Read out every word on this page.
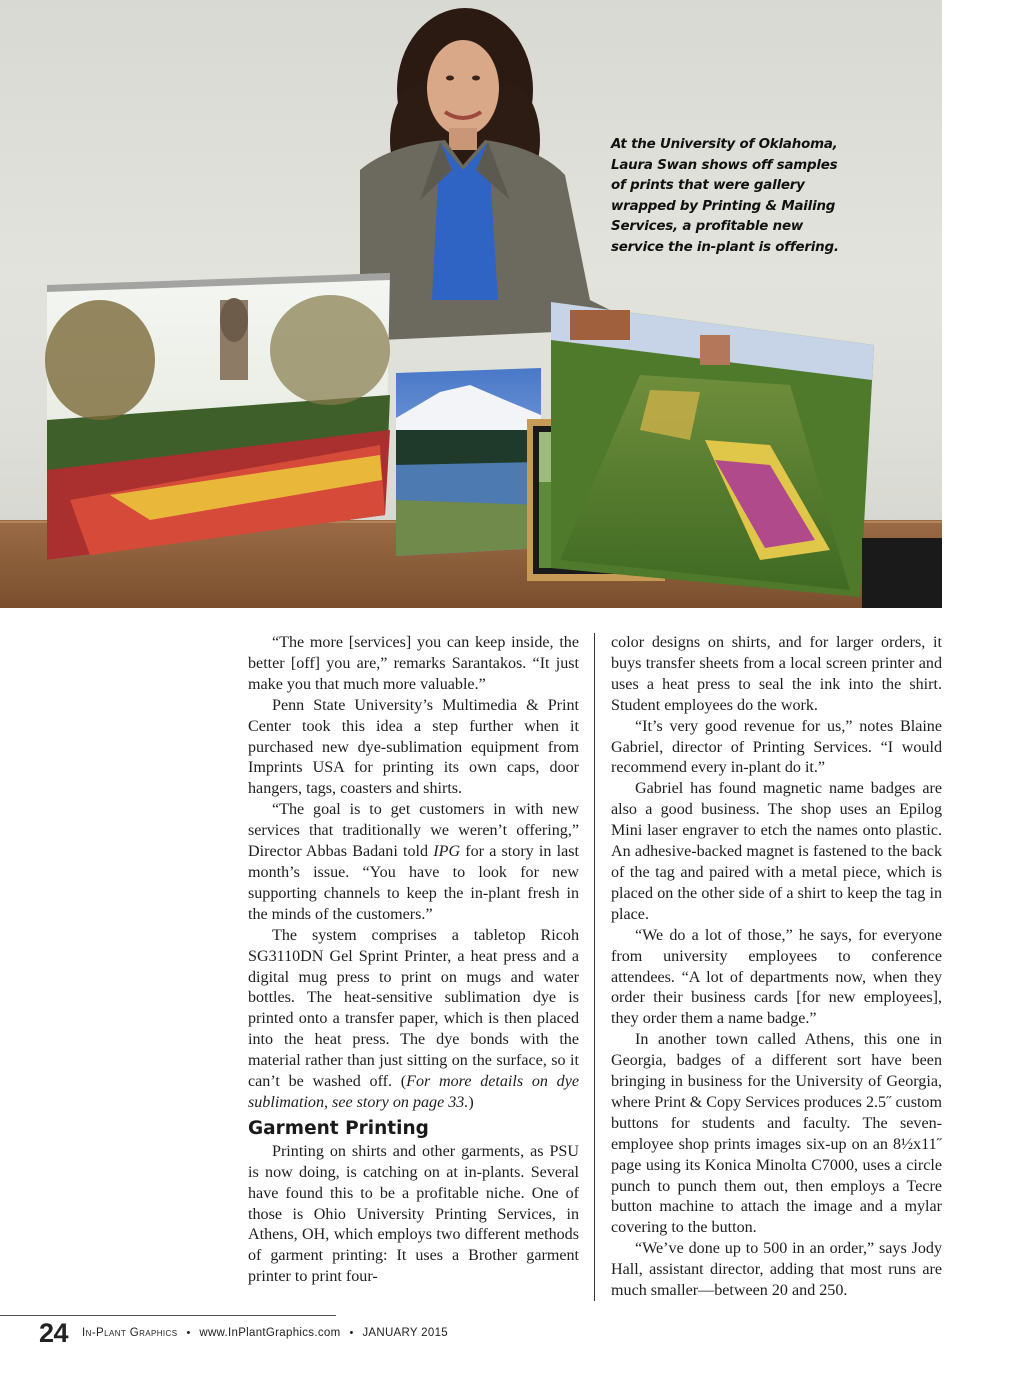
At the University of Oklahoma, Laura Swan shows off samples of prints that were gallery wrapped by Printing & Mailing Services, a profitable new service the in-plant is offering.

“The more [services] you can keep inside, the better [off] you are,” remarks Sarantakos. “It just make you that much more valuable.”

Penn State University’s Multimedia & Print Center took this idea a step further when it purchased new dye-sublimation equipment from Imprints USA for printing its own caps, door hangers, tags, coasters and shirts.

“The goal is to get customers in with new services that traditionally we weren’t offering,” Director Abbas Badani told IPG for a story in last month’s issue. “You have to look for new supporting channels to keep the in-plant fresh in the minds of the customers.”

The system comprises a tabletop Ricoh SG3110DN Gel Sprint Printer, a heat press and a digital mug press to print on mugs and water bottles. The heat-sensitive sublimation dye is printed onto a transfer paper, which is then placed into the heat press. The dye bonds with the material rather than just sitting on the surface, so it can’t be washed off. (For more details on dye sublimation, see story on page 33.)

Garment Printing

Printing on shirts and other garments, as PSU is now doing, is catching on at in-plants. Several have found this to be a profitable niche. One of those is Ohio University Printing Services, in Athens, OH, which employs two different methods of garment printing: It uses a Brother garment printer to print four-

color designs on shirts, and for larger orders, it buys transfer sheets from a local screen printer and uses a heat press to seal the ink into the shirt. Student employees do the work.

“It’s very good revenue for us,” notes Blaine Gabriel, director of Printing Services. “I would recommend every in-plant do it.”

Gabriel has found magnetic name badges are also a good business. The shop uses an Epilog Mini laser engraver to etch the names onto plastic. An adhesive-backed magnet is fastened to the back of the tag and paired with a metal piece, which is placed on the other side of a shirt to keep the tag in place.

“We do a lot of those,” he says, for everyone from university employees to conference attendees. “A lot of departments now, when they order their business cards [for new employees], they order them a name badge.”

In another town called Athens, this one in Georgia, badges of a different sort have been bringing in business for the University of Georgia, where Print & Copy Services produces 2.5˝ custom buttons for students and faculty. The seven-employee shop prints images six-up on an 8½x11˝ page using its Konica Minolta C7000, uses a circle punch to punch them out, then employs a Tecre button machine to attach the image and a mylar covering to the button.

“We’ve done up to 500 in an order,” says Jody Hall, assistant director, adding that most runs are much smaller—between 20 and 250.

24 In-Plant Graphics • www.InPlantGraphics.com • JANUARY 2015
